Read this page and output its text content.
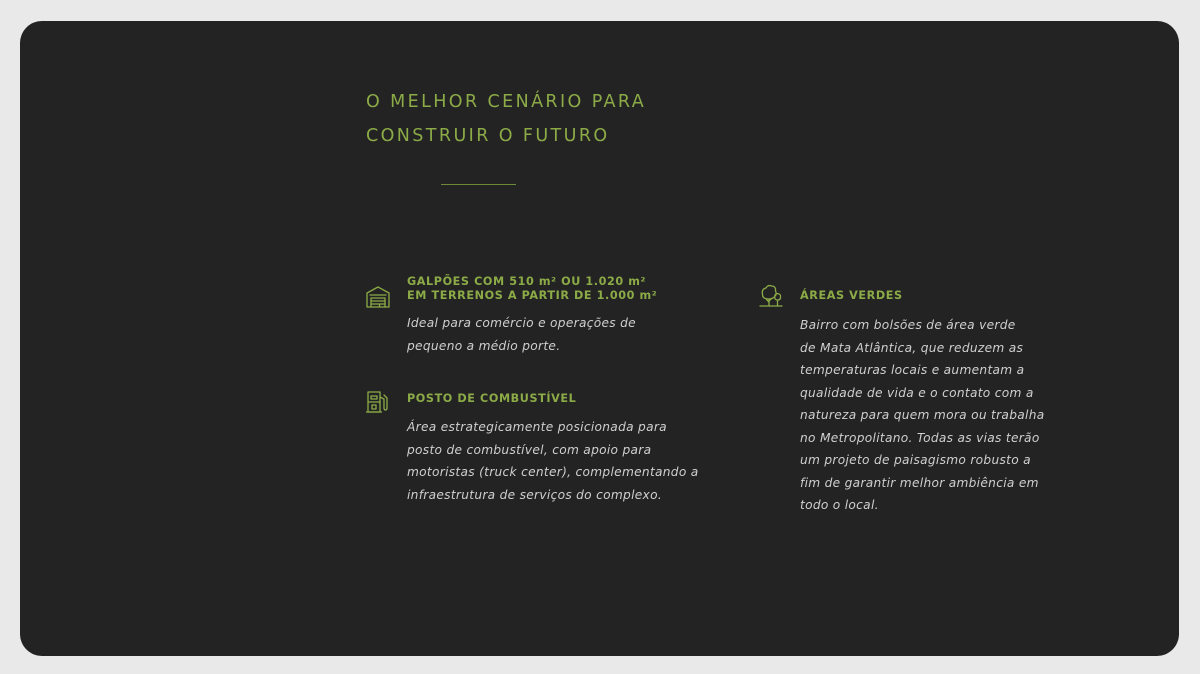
O MELHOR CENÁRIO PARA
CONSTRUIR O FUTURO
GALPÕES COM 510 m² OU 1.020 m²
EM TERRENOS A PARTIR DE 1.000 m²

Ideal para comércio e operações de
pequeno a médio porte.

POSTO DE COMBUSTÍVEL

Área estrategicamente posicionada para
posto de combustível, com apoio para
motoristas (truck center), complementando a
infraestrutura de serviços do complexo.

ÁREAS VERDES

Bairro com bolsões de área verde
de Mata Atlântica, que reduzem as
temperaturas locais e aumentam a
qualidade de vida e o contato com a
natureza para quem mora ou trabalha
no Metropolitano. Todas as vias terão
um projeto de paisagismo robusto a
fim de garantir melhor ambiência em
todo o local.
